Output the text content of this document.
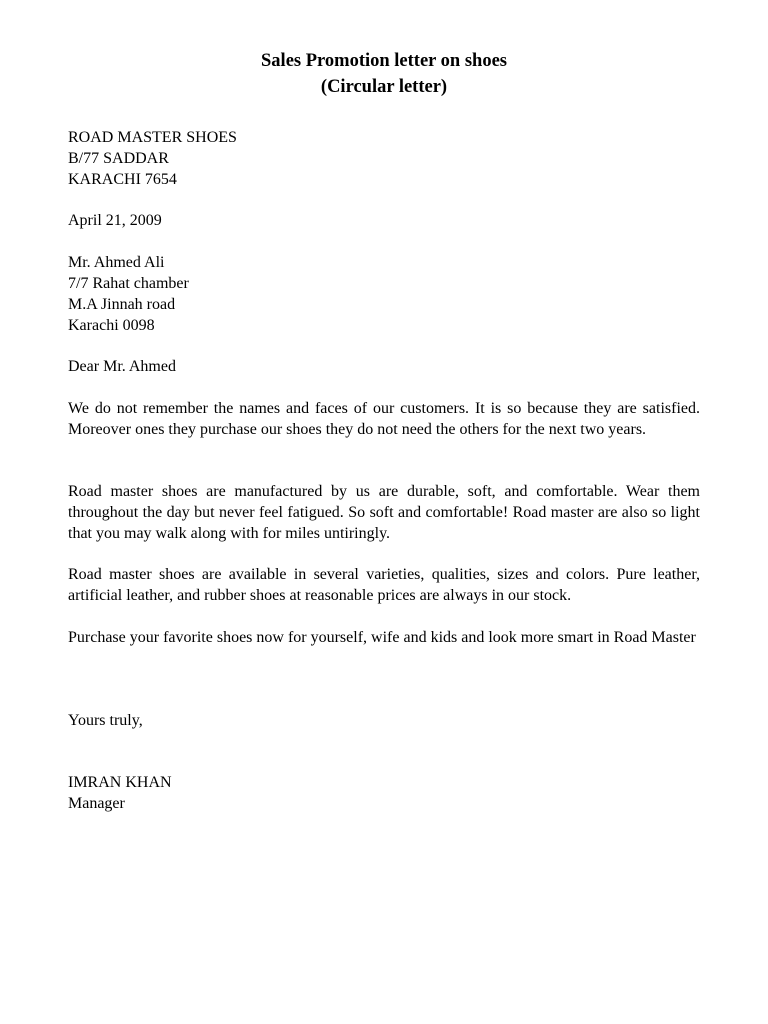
Sales Promotion letter on shoes
(Circular letter)
ROAD MASTER SHOES
B/77 SADDAR
KARACHI 7654
April 21, 2009
Mr. Ahmed Ali
7/7 Rahat chamber
M.A Jinnah road
Karachi 0098
Dear Mr. Ahmed

We do not remember the names and faces of our customers. It is so because they are satisfied. Moreover ones they purchase our shoes they do not need the others for the next two years.

Road master shoes are manufactured by us are durable, soft, and comfortable. Wear them throughout the day but never feel fatigued. So soft and comfortable! Road master are also so light that you may walk along with for miles untiringly.

Road master shoes are available in several varieties, qualities, sizes and colors. Pure leather, artificial leather, and rubber shoes at reasonable prices are always in our stock.

Purchase your favorite shoes now for yourself, wife and kids and look more smart in Road Master

Yours truly,
IMRAN KHAN
Manager
